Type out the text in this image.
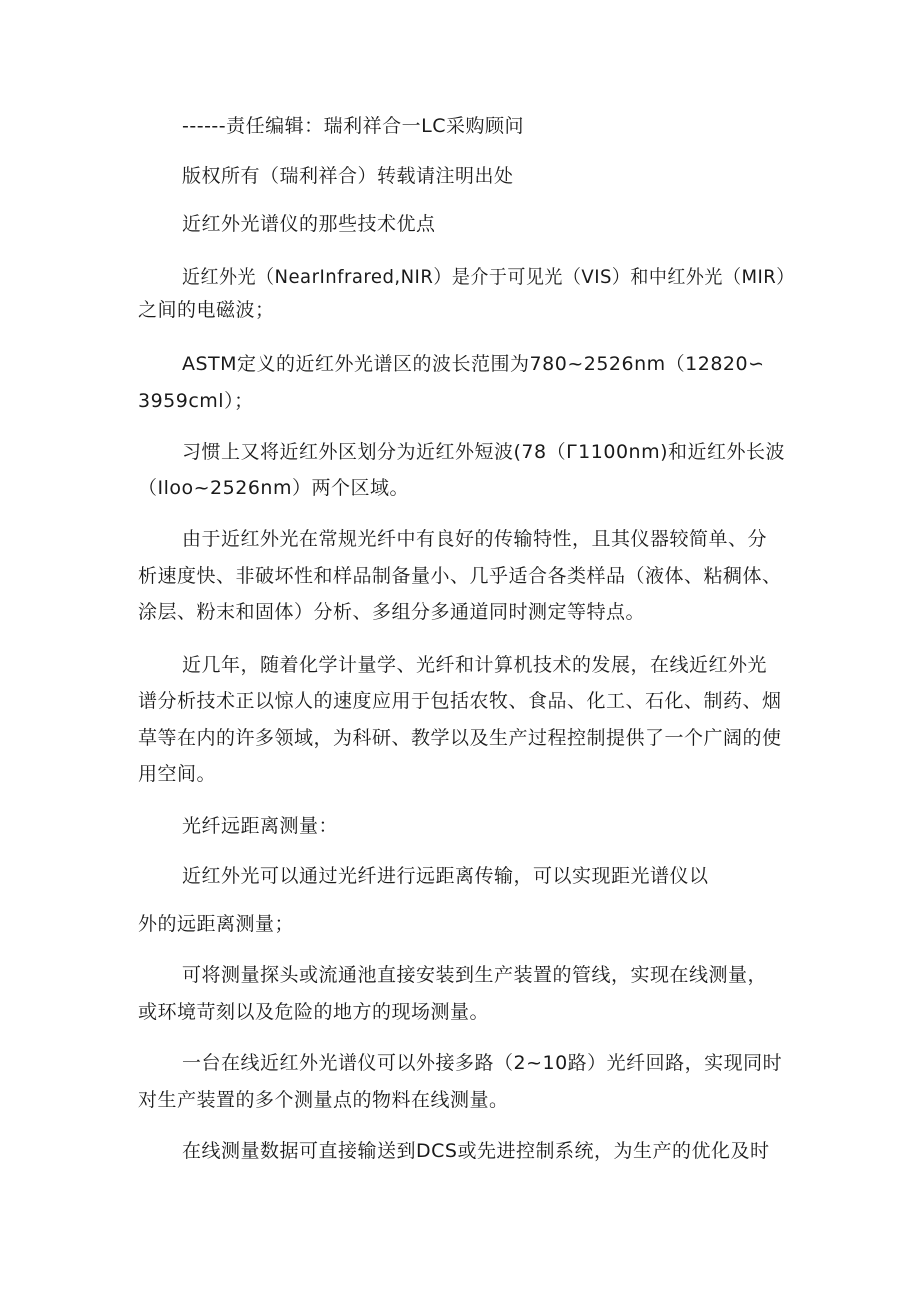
------责任编辑：瑞利祥合一LC采购顾问
版权所有（瑞利祥合）转载请注明出处
近红外光谱仪的那些技术优点
近红外光（NearInfrared,NIR）是介于可见光（VIS）和中红外光（MIR）
之间的电磁波；
ASTM定义的近红外光谱区的波长范围为780~2526nm（12820∽
3959cml）；
习惯上又将近红外区划分为近红外短波(78（Г1100nm)和近红外长波
（Iloo~2526nm）两个区域。
由于近红外光在常规光纤中有良好的传输特性，且其仪器较简单、分
析速度快、非破坏性和样品制备量小、几乎适合各类样品（液体、粘稠体、
涂层、粉末和固体）分析、多组分多通道同时测定等特点。
近几年，随着化学计量学、光纤和计算机技术的发展，在线近红外光
谱分析技术正以惊人的速度应用于包括农牧、食品、化工、石化、制药、烟
草等在内的许多领域，为科研、教学以及生产过程控制提供了一个广阔的使
用空间。
光纤远距离测量：
近红外光可以通过光纤进行远距离传输，可以实现距光谱仪以
外的远距离测量；
可将测量探头或流通池直接安装到生产装置的管线，实现在线测量，
或环境苛刻以及危险的地方的现场测量。
一台在线近红外光谱仪可以外接多路（2~10路）光纤回路，实现同时
对生产装置的多个测量点的物料在线测量。
在线测量数据可直接输送到DCS或先进控制系统，为生产的优化及时
